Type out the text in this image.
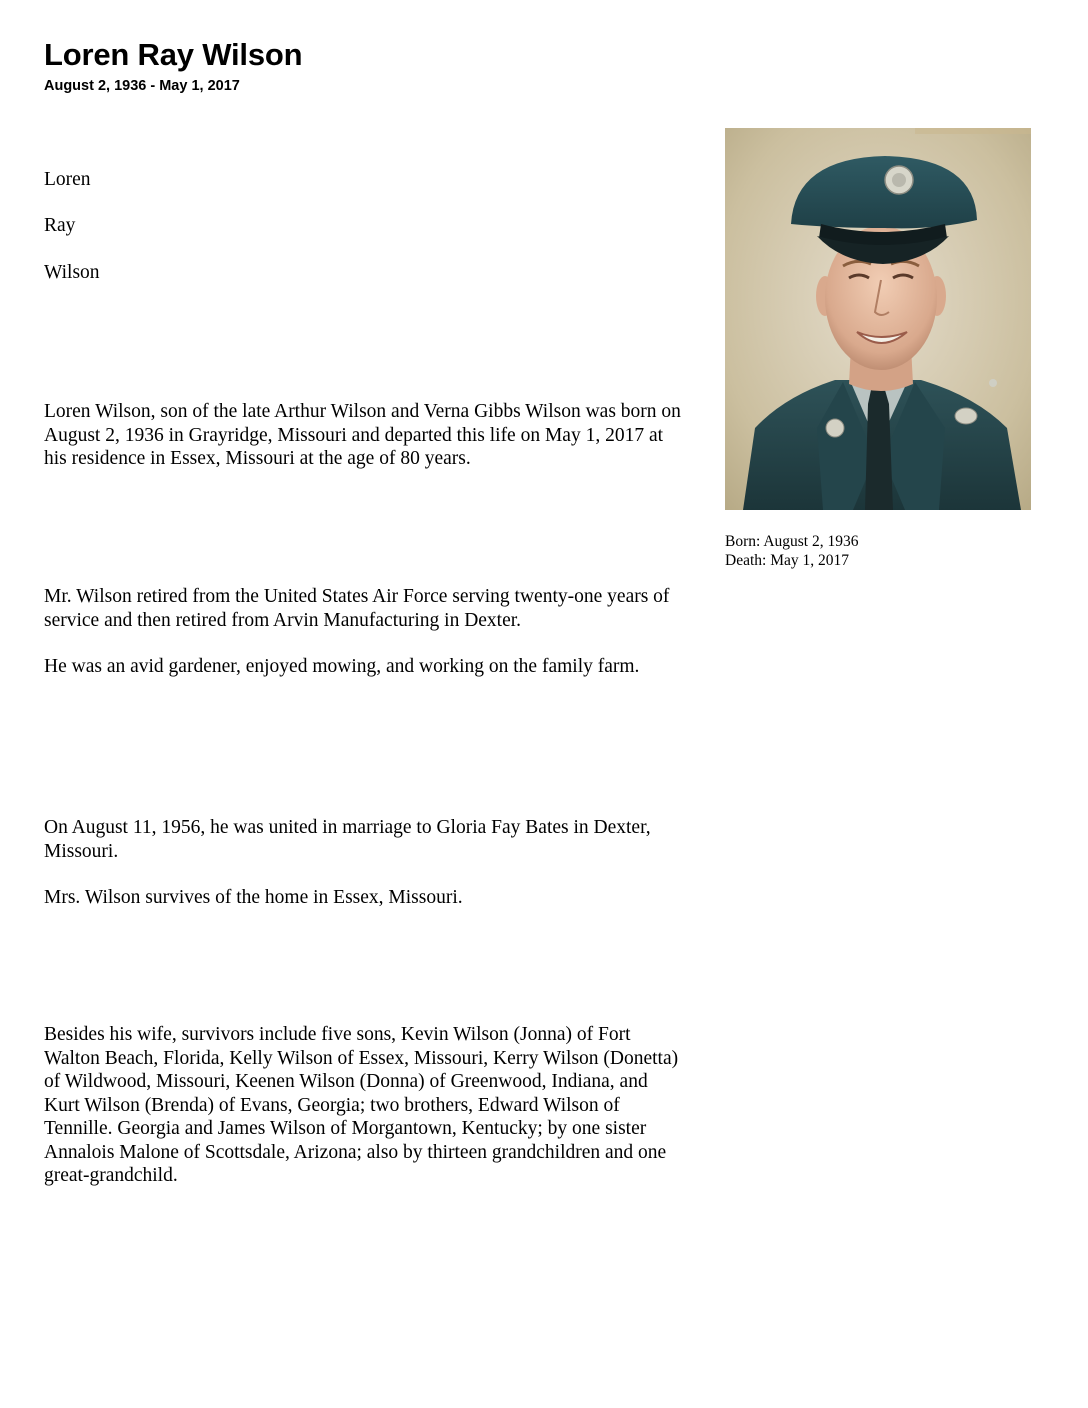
Loren Ray Wilson
August 2, 1936 - May 1, 2017
Loren
Ray
Wilson

Loren Wilson, son of the late Arthur Wilson and Verna Gibbs Wilson was born on August 2, 1936 in Grayridge, Missouri and departed this life on May 1, 2017 at his residence in Essex, Missouri at the age of 80 years.

Mr. Wilson retired from the United States Air Force serving twenty-one years of service and then retired from Arvin Manufacturing in Dexter.

He was an avid gardener, enjoyed mowing, and working on the family farm.

On August 11, 1956, he was united in marriage to Gloria Fay Bates in Dexter, Missouri.

Mrs. Wilson survives of the home in Essex, Missouri.

Besides his wife, survivors include five sons, Kevin Wilson (Jonna) of Fort Walton Beach, Florida, Kelly Wilson of Essex, Missouri, Kerry Wilson (Donetta) of Wildwood, Missouri, Keenen Wilson (Donna) of Greenwood, Indiana, and Kurt Wilson (Brenda) of Evans, Georgia; two brothers, Edward Wilson of Tennille. Georgia and James Wilson of Morgantown, Kentucky; by one sister Annalois Malone of Scottsdale, Arizona; also by thirteen grandchildren and one great-grandchild.

Born: August 2, 1936
Death: May 1, 2017
